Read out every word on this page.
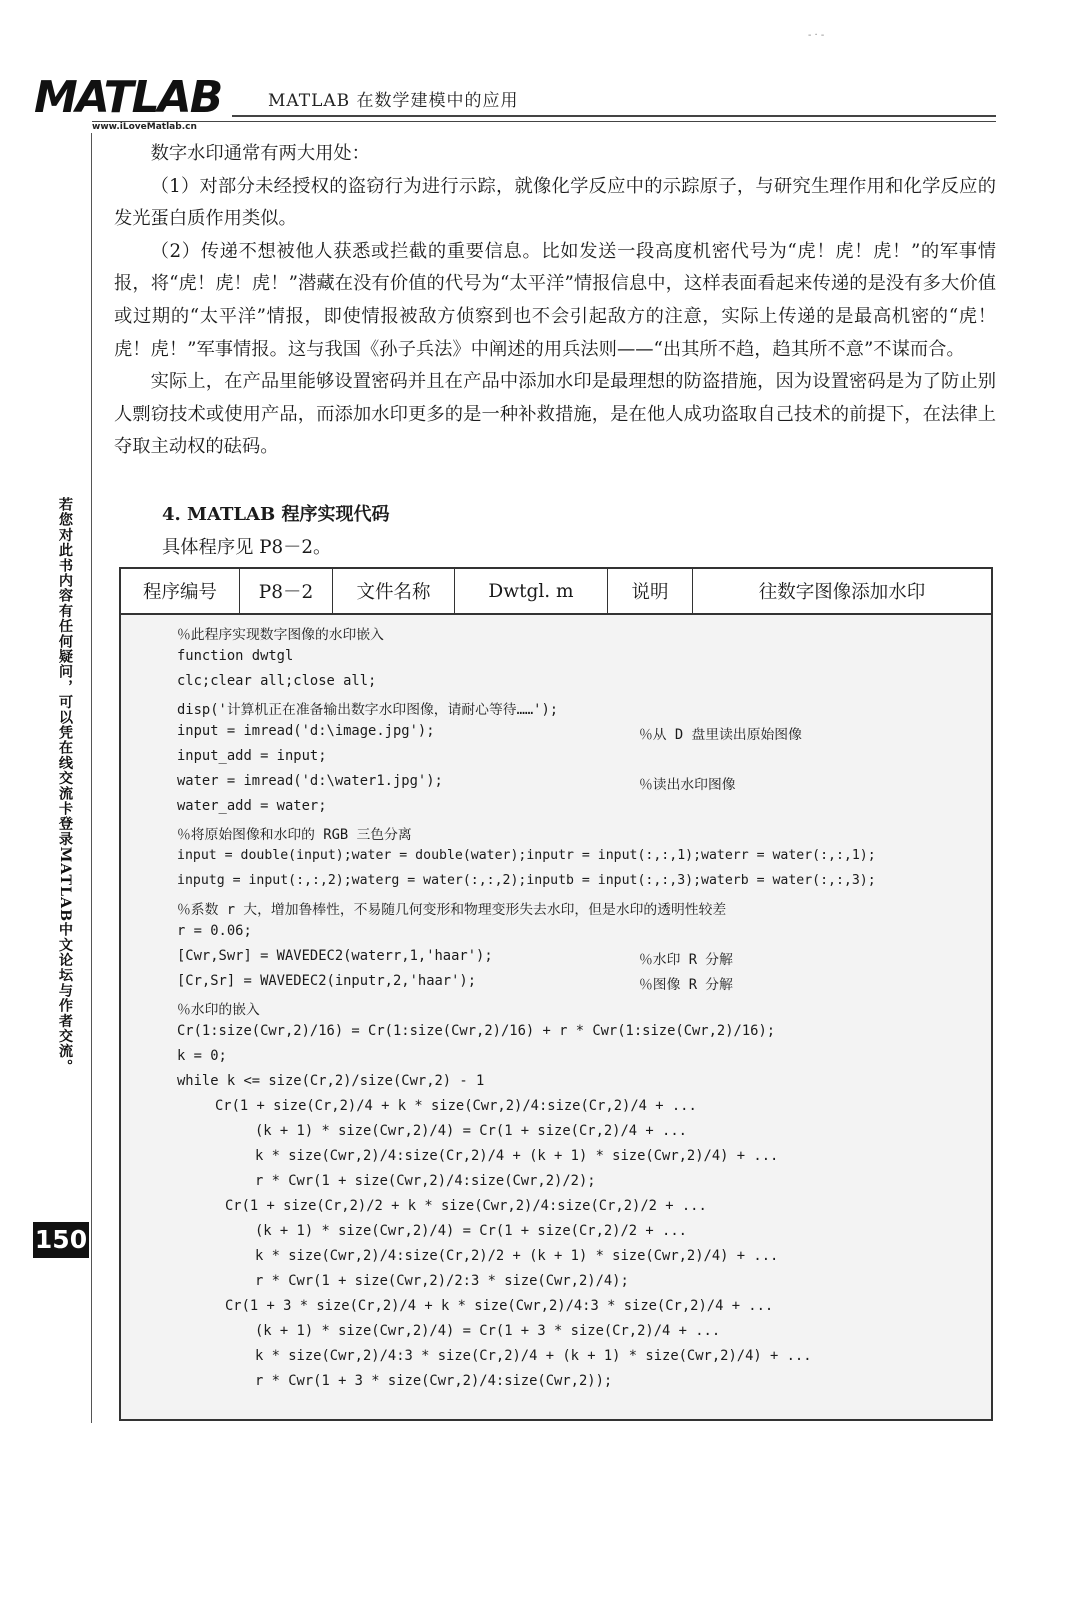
- · -
MATLAB
www.iLoveMatlab.cn
MATLAB 在数学建模中的应用
若您对此书内容有任何疑问，可以凭在线交流卡登录MATLAB中文论坛与作者交流。
150

数字水印通常有两大用处：

（1）对部分未经授权的盗窃行为进行示踪，就像化学反应中的示踪原子，与研究生理作用和化学反应的发光蛋白质作用类似。

（2）传递不想被他人获悉或拦截的重要信息。比如发送一段高度机密代号为“虎！虎！虎！”的军事情报，将“虎！虎！虎！”潜藏在没有价值的代号为“太平洋”情报信息中，这样表面看起来传递的是没有多大价值或过期的“太平洋”情报，即使情报被敌方侦察到也不会引起敌方的注意，实际上传递的是最高机密的“虎！虎！虎！”军事情报。这与我国《孙子兵法》中阐述的用兵法则——“出其所不趋，趋其所不意”不谋而合。

实际上，在产品里能够设置密码并且在产品中添加水印是最理想的防盗措施，因为设置密码是为了防止别人剽窃技术或使用产品，而添加水印更多的是一种补救措施，是在他人成功盗取自己技术的前提下，在法律上夺取主动权的砝码。

4. MATLAB 程序实现代码
具体程序见 P8－2。
程序编号	P8－2	文件名称	Dwtgl. m	说明	往数字图像添加水印
％此程序实现数字图像的水印嵌入
function dwtgl
clc;clear all;close all;
disp('计算机正在准备输出数字水印图像，请耐心等待……');
input = imread('d:\image.jpg');	％从 D 盘里读出原始图像
input_add = input;
water = imread('d:\water1.jpg');	％读出水印图像
water_add = water;
％将原始图像和水印的 RGB 三色分离
input = double(input);water = double(water);inputr = input(:,:,1);waterr = water(:,:,1);
inputg = input(:,:,2);waterg = water(:,:,2);inputb = input(:,:,3);waterb = water(:,:,3);
％系数 r 大，增加鲁棒性，不易随几何变形和物理变形失去水印，但是水印的透明性较差
r = 0.06;
[Cwr,Swr] = WAVEDEC2(waterr,1,'haar');	％水印 R 分解
[Cr,Sr] = WAVEDEC2(inputr,2,'haar');	％图像 R 分解
％水印的嵌入
Cr(1:size(Cwr,2)/16) = Cr(1:size(Cwr,2)/16) + r * Cwr(1:size(Cwr,2)/16);
k = 0;
while k <= size(Cr,2)/size(Cwr,2) - 1
Cr(1 + size(Cr,2)/4 + k * size(Cwr,2)/4:size(Cr,2)/4 + ...
(k + 1) * size(Cwr,2)/4) = Cr(1 + size(Cr,2)/4 + ...
k * size(Cwr,2)/4:size(Cr,2)/4 + (k + 1) * size(Cwr,2)/4) + ...
r * Cwr(1 + size(Cwr,2)/4:size(Cwr,2)/2);
Cr(1 + size(Cr,2)/2 + k * size(Cwr,2)/4:size(Cr,2)/2 + ...
(k + 1) * size(Cwr,2)/4) = Cr(1 + size(Cr,2)/2 + ...
k * size(Cwr,2)/4:size(Cr,2)/2 + (k + 1) * size(Cwr,2)/4) + ...
r * Cwr(1 + size(Cwr,2)/2:3 * size(Cwr,2)/4);
Cr(1 + 3 * size(Cr,2)/4 + k * size(Cwr,2)/4:3 * size(Cr,2)/4 + ...
(k + 1) * size(Cwr,2)/4) = Cr(1 + 3 * size(Cr,2)/4 + ...
k * size(Cwr,2)/4:3 * size(Cr,2)/4 + (k + 1) * size(Cwr,2)/4) + ...
r * Cwr(1 + 3 * size(Cwr,2)/4:size(Cwr,2));
